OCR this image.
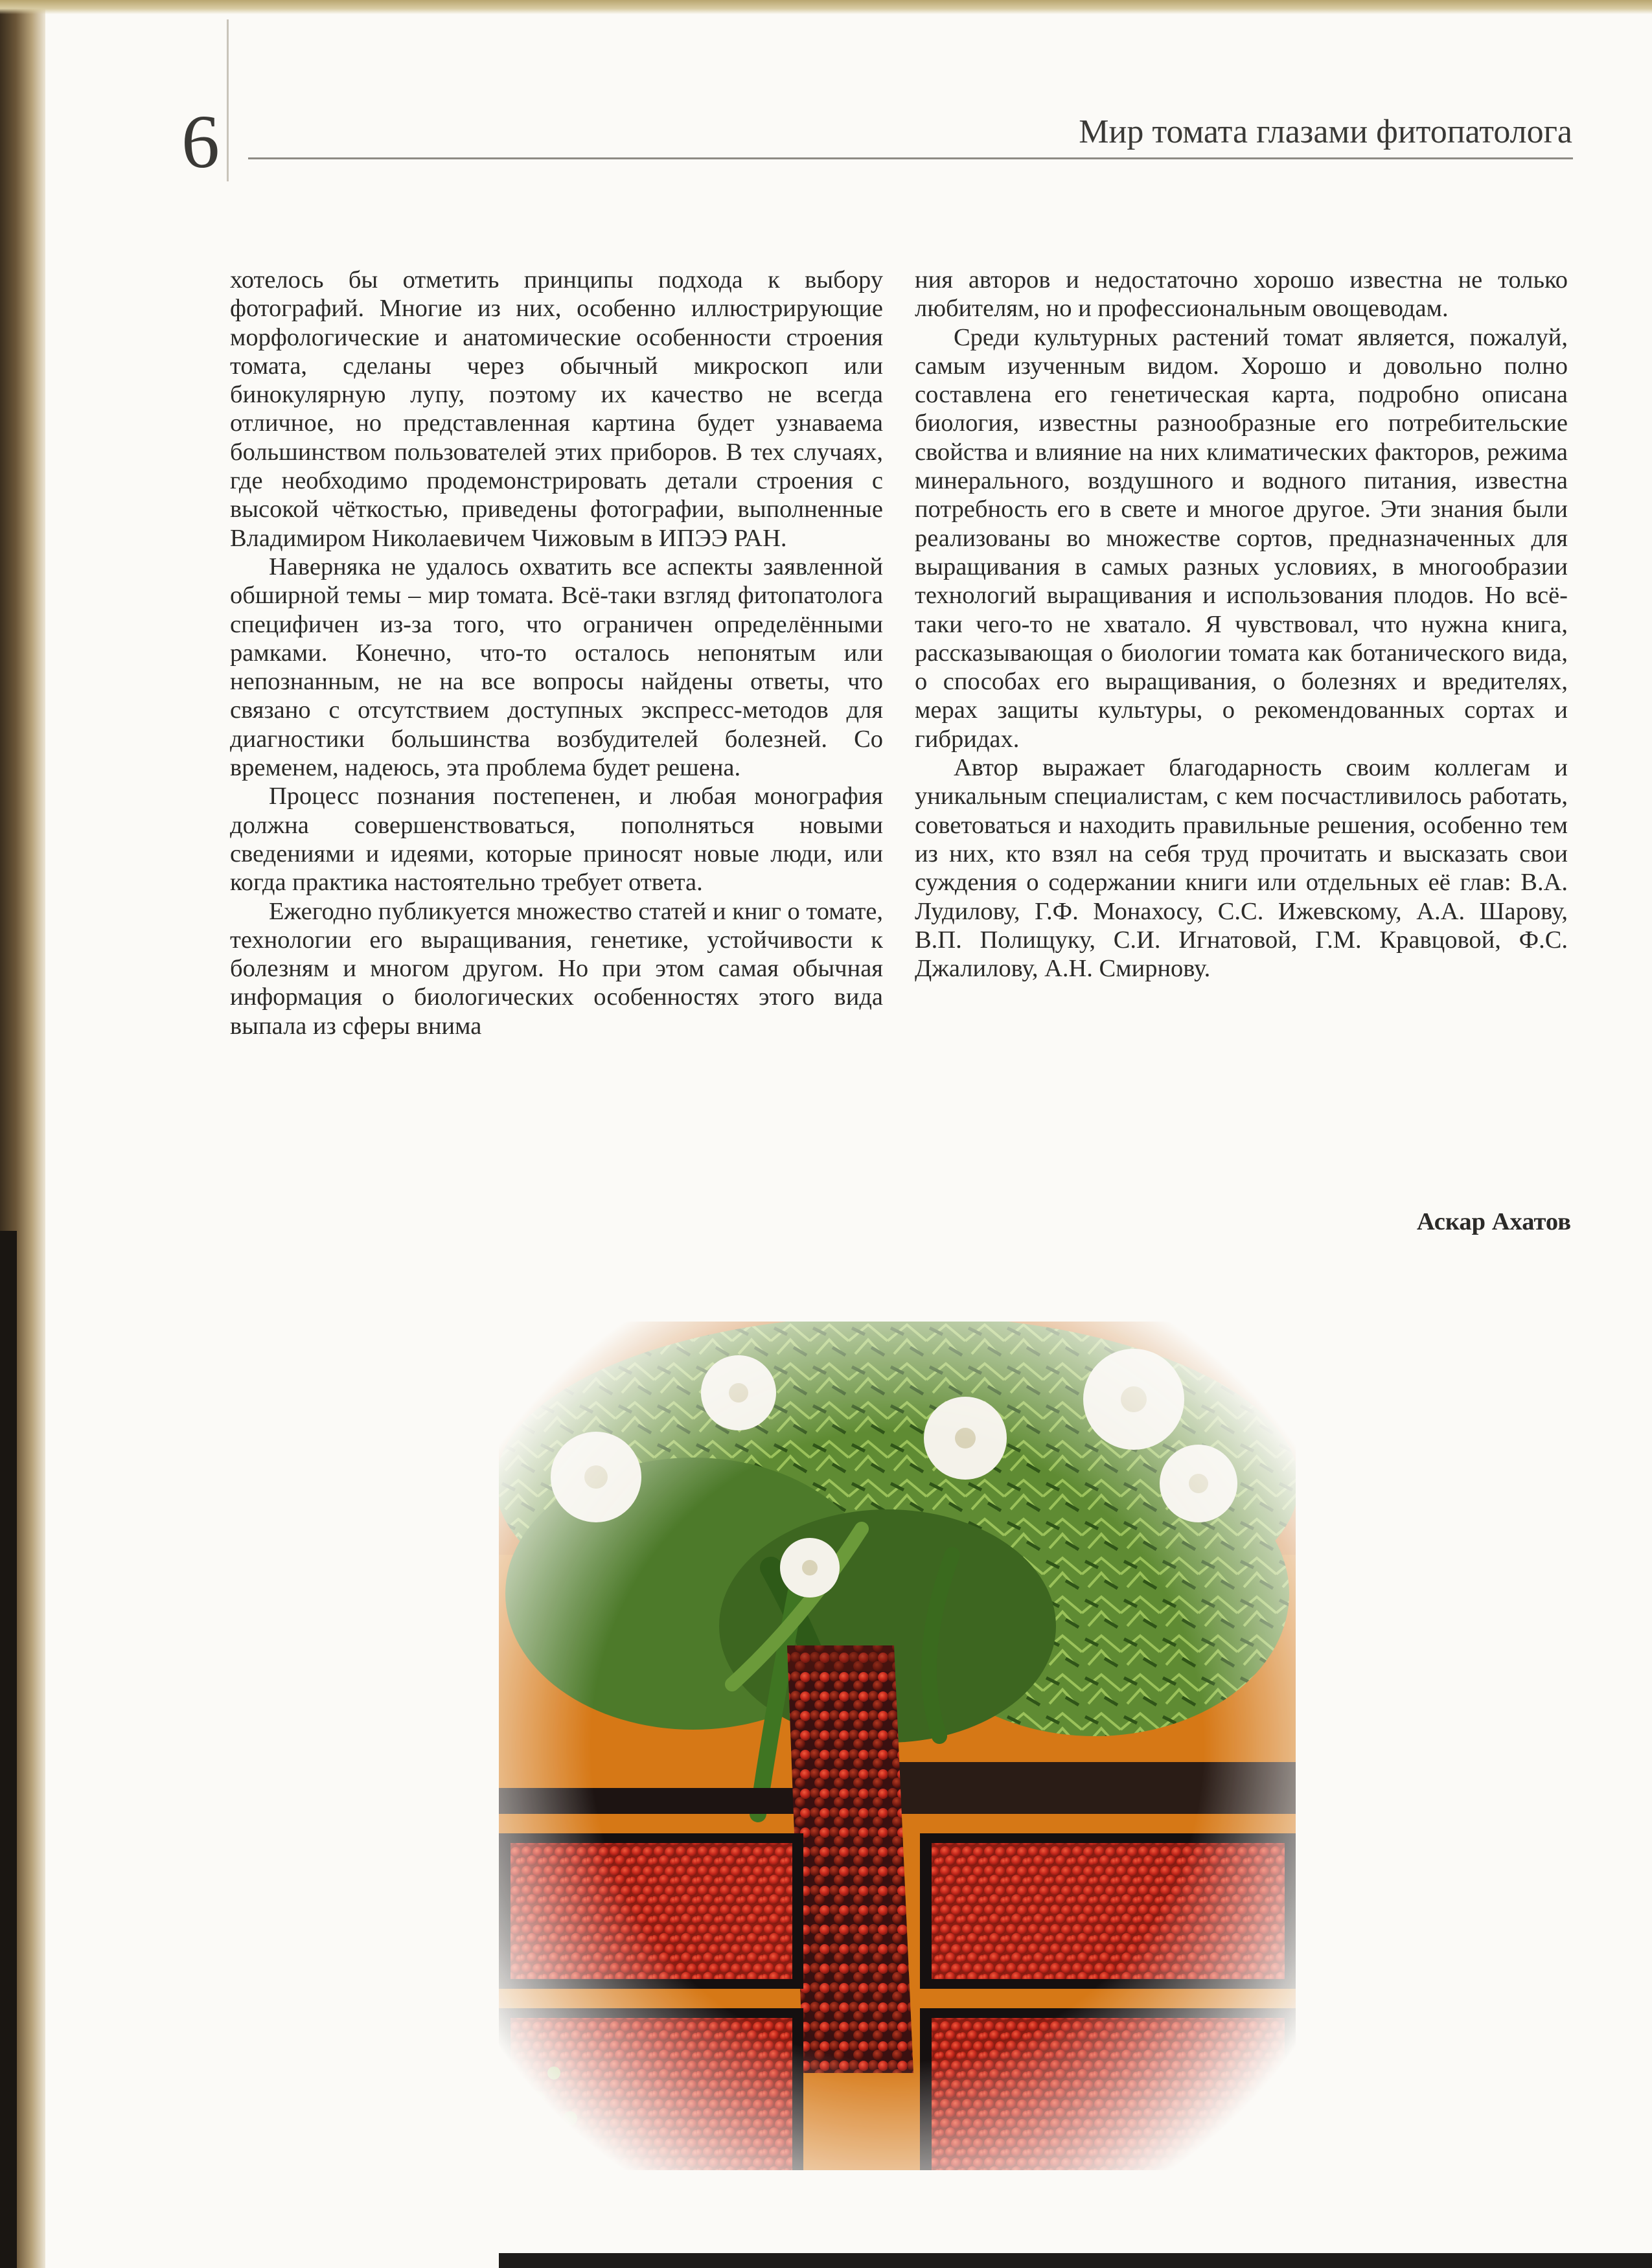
6	Мир томата глазами фитопатолога

хотелось бы отметить принципы подхода к выбору фотографий. Многие из них, особенно иллюстрирующие морфологические и анатомические особенности строения томата, сделаны через обычный микроскоп или бинокулярную лупу, поэтому их качество не всегда отличное, но представленная картина будет узнаваема большинством пользователей этих приборов. В тех случаях, где необходимо продемонстрировать детали строения с высокой чёткостью, приведены фотографии, выполненные Владимиром Николаевичем Чижовым в ИПЭЭ РАН.

Наверняка не удалось охватить все аспекты заявленной обширной темы – мир томата. Всё-таки взгляд фитопатолога специфичен из-за того, что ограничен определёнными рамками. Конечно, что-то осталось непонятым или непознанным, не на все вопросы найдены ответы, что связано с отсутствием доступных экспресс-методов для диагностики большинства возбудителей болезней. Со временем, надеюсь, эта проблема будет решена.

Процесс познания постепенен, и любая монография должна совершенствоваться, пополняться новыми сведениями и идеями, которые приносят новые люди, или когда практика настоятельно требует ответа.

Ежегодно публикуется множество статей и книг о томате, технологии его выращивания, генетике, устойчивости к болезням и многом другом. Но при этом самая обычная информация о биологических особенностях этого вида выпала из сферы внима

ния авторов и недостаточно хорошо известна не только любителям, но и профессиональным овощеводам.

Среди культурных растений томат является, пожалуй, самым изученным видом. Хорошо и довольно полно составлена его генетическая карта, подробно описана биология, известны разнообразные его потребительские свойства и влияние на них климатических факторов, режима минерального, воздушного и водного питания, известна потребность его в свете и многое другое. Эти знания были реализованы во множестве сортов, предназначенных для выращивания в самых разных условиях, в многообразии технологий выращивания и использования плодов. Но всё-таки чего-то не хватало. Я чувствовал, что нужна книга, рассказывающая о биологии томата как ботанического вида, о способах его выращивания, о болезнях и вредителях, мерах защиты культуры, о рекомендованных сортах и гибридах.

Автор выражает благодарность своим коллегам и уникальным специалистам, с кем посчастливилось работать, советоваться и находить правильные решения, особенно тем из них, кто взял на себя труд прочитать и высказать свои суждения о содержании книги или отдельных её глав: В.А. Лудилову, Г.Ф. Монахосу, С.С. Ижевскому, А.А. Шарову, В.П. Полищуку, С.И. Игнатовой, Г.М. Кравцовой, Ф.С. Джалилову, А.Н. Смирнову.

Аскар Ахатов
